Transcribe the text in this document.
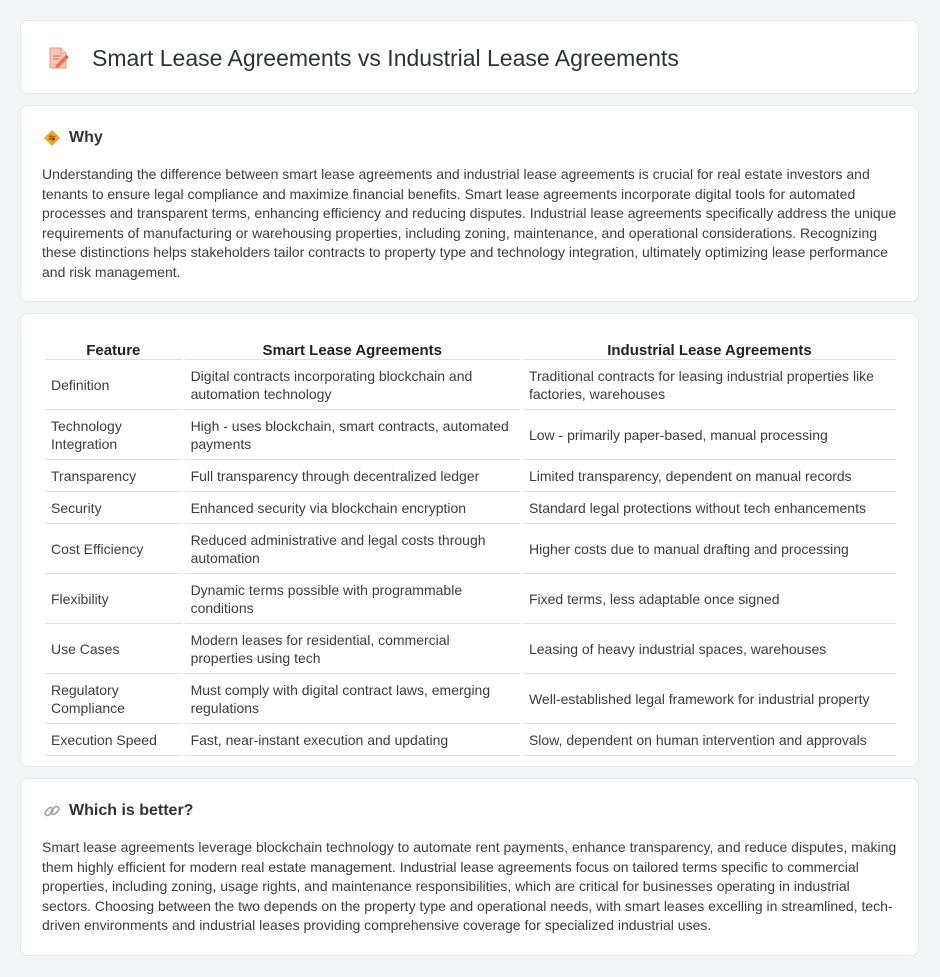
Smart Lease Agreements vs Industrial Lease Agreements
Why

Understanding the difference between smart lease agreements and industrial lease agreements is crucial for real estate investors and tenants to ensure legal compliance and maximize financial benefits. Smart lease agreements incorporate digital tools for automated processes and transparent terms, enhancing efficiency and reducing disputes. Industrial lease agreements specifically address the unique requirements of manufacturing or warehousing properties, including zoning, maintenance, and operational considerations. Recognizing these distinctions helps stakeholders tailor contracts to property type and technology integration, ultimately optimizing lease performance and risk management.

Feature	Smart Lease Agreements	Industrial Lease Agreements
Definition	Digital contracts incorporating blockchain and automation technology	Traditional contracts for leasing industrial properties like factories, warehouses
Technology Integration	High - uses blockchain, smart contracts, automated payments	Low - primarily paper-based, manual processing
Transparency	Full transparency through decentralized ledger	Limited transparency, dependent on manual records
Security	Enhanced security via blockchain encryption	Standard legal protections without tech enhancements
Cost Efficiency	Reduced administrative and legal costs through automation	Higher costs due to manual drafting and processing
Flexibility	Dynamic terms possible with programmable conditions	Fixed terms, less adaptable once signed
Use Cases	Modern leases for residential, commercial properties using tech	Leasing of heavy industrial spaces, warehouses
Regulatory Compliance	Must comply with digital contract laws, emerging regulations	Well-established legal framework for industrial property
Execution Speed	Fast, near-instant execution and updating	Slow, dependent on human intervention and approvals
Which is better?

Smart lease agreements leverage blockchain technology to automate rent payments, enhance transparency, and reduce disputes, making them highly efficient for modern real estate management. Industrial lease agreements focus on tailored terms specific to commercial properties, including zoning, usage rights, and maintenance responsibilities, which are critical for businesses operating in industrial sectors. Choosing between the two depends on the property type and operational needs, with smart leases excelling in streamlined, tech-driven environments and industrial leases providing comprehensive coverage for specialized industrial uses.
